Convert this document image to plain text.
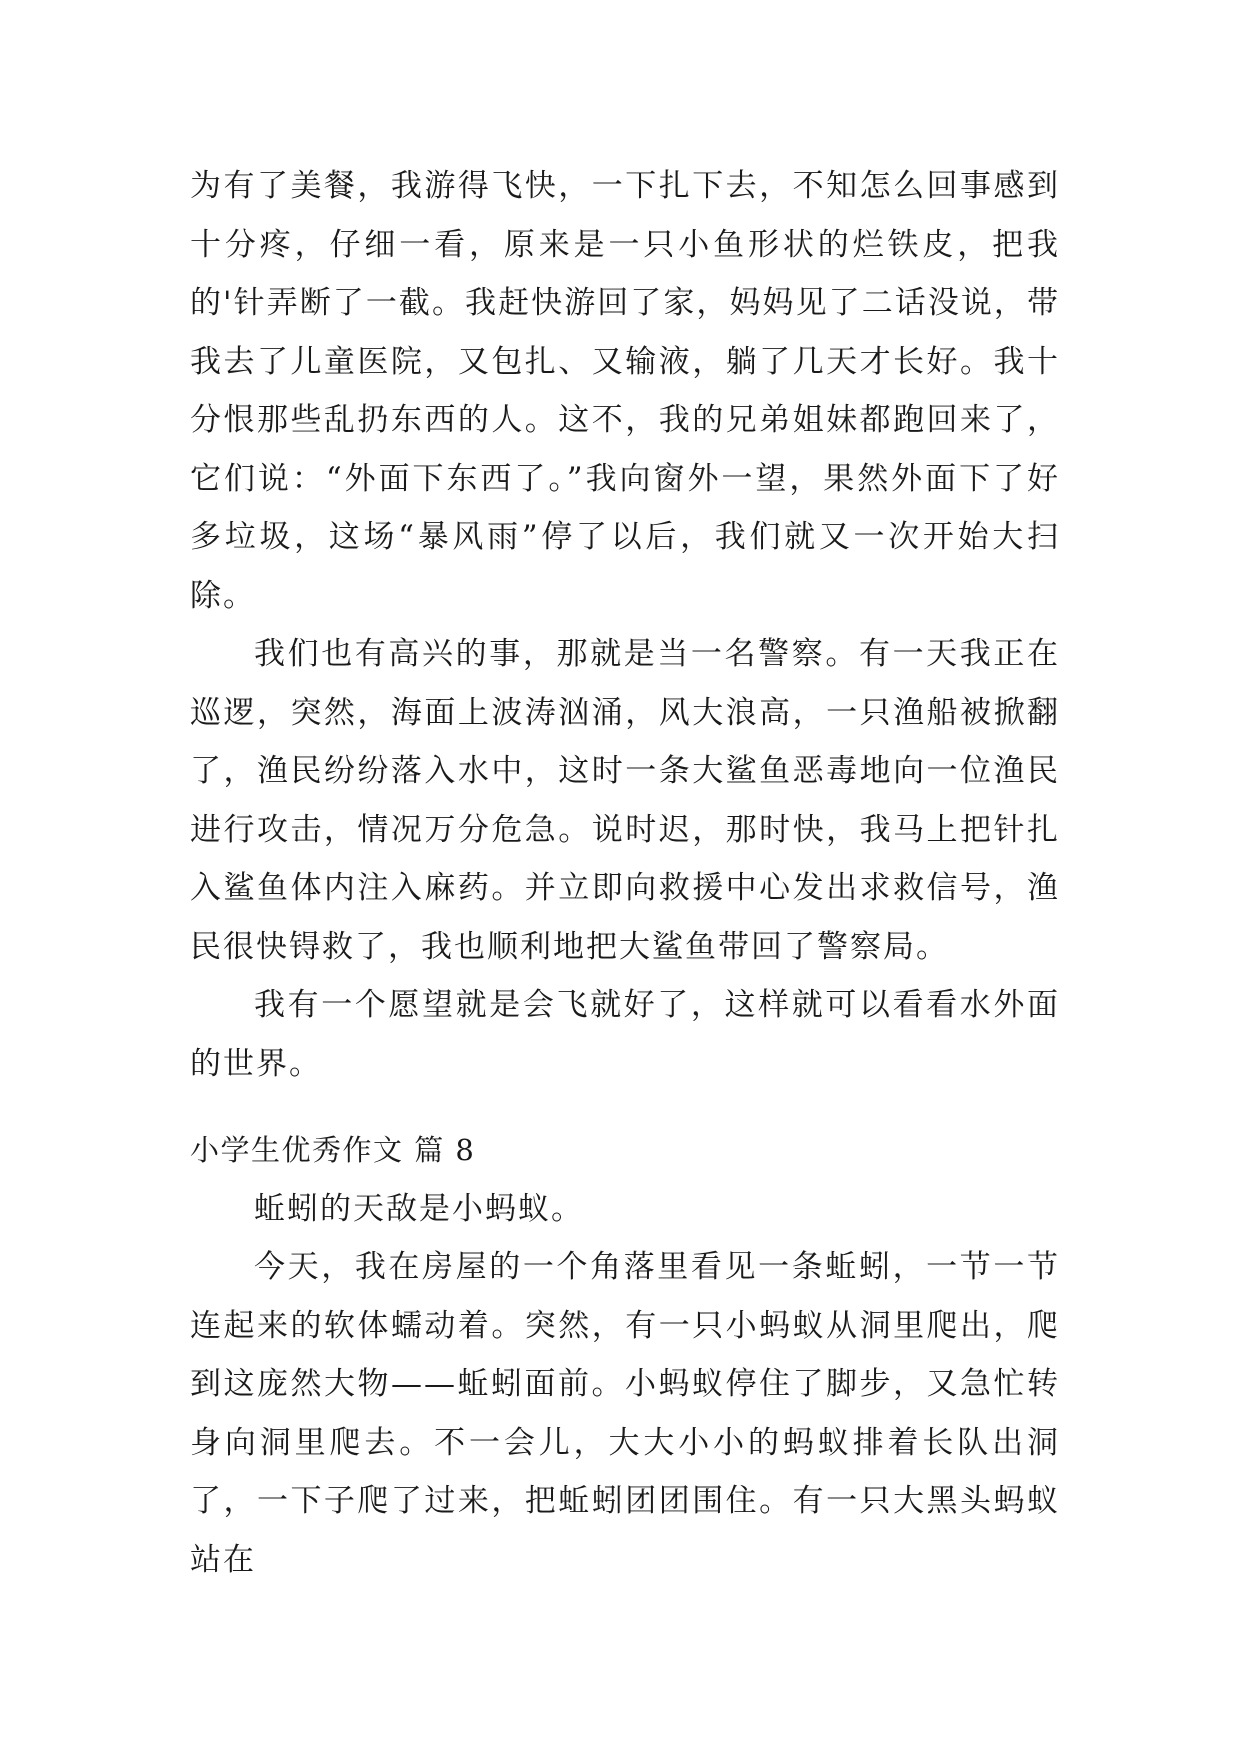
为有了美餐，我游得飞快，一下扎下去，不知怎么回事感到十分疼，仔细一看，原来是一只小鱼形状的烂铁皮，把我的'针弄断了一截。我赶快游回了家，妈妈见了二话没说，带我去了儿童医院，又包扎、又输液，躺了几天才长好。我十分恨那些乱扔东西的人。这不，我的兄弟姐妹都跑回来了，它们说：“外面下东西了。”我向窗外一望，果然外面下了好多垃圾，这场“暴风雨”停了以后，我们就又一次开始大扫除。

我们也有高兴的事，那就是当一名警察。有一天我正在巡逻，突然，海面上波涛汹涌，风大浪高，一只渔船被掀翻了，渔民纷纷落入水中，这时一条大鲨鱼恶毒地向一位渔民进行攻击，情况万分危急。说时迟，那时快，我马上把针扎入鲨鱼体内注入麻药。并立即向救援中心发出求救信号，渔民很快锝救了，我也顺利地把大鲨鱼带回了警察局。

我有一个愿望就是会飞就好了，这样就可以看看水外面的世界。

小学生优秀作文 篇 8

蚯蚓的天敌是小蚂蚁。

今天，我在房屋的一个角落里看见一条蚯蚓，一节一节连起来的软体蠕动着。突然，有一只小蚂蚁从洞里爬出，爬到这庞然大物——蚯蚓面前。小蚂蚁停住了脚步，又急忙转身向洞里爬去。不一会儿，大大小小的蚂蚁排着长队出洞了，一下子爬了过来，把蚯蚓团团围住。有一只大黑头蚂蚁站在
